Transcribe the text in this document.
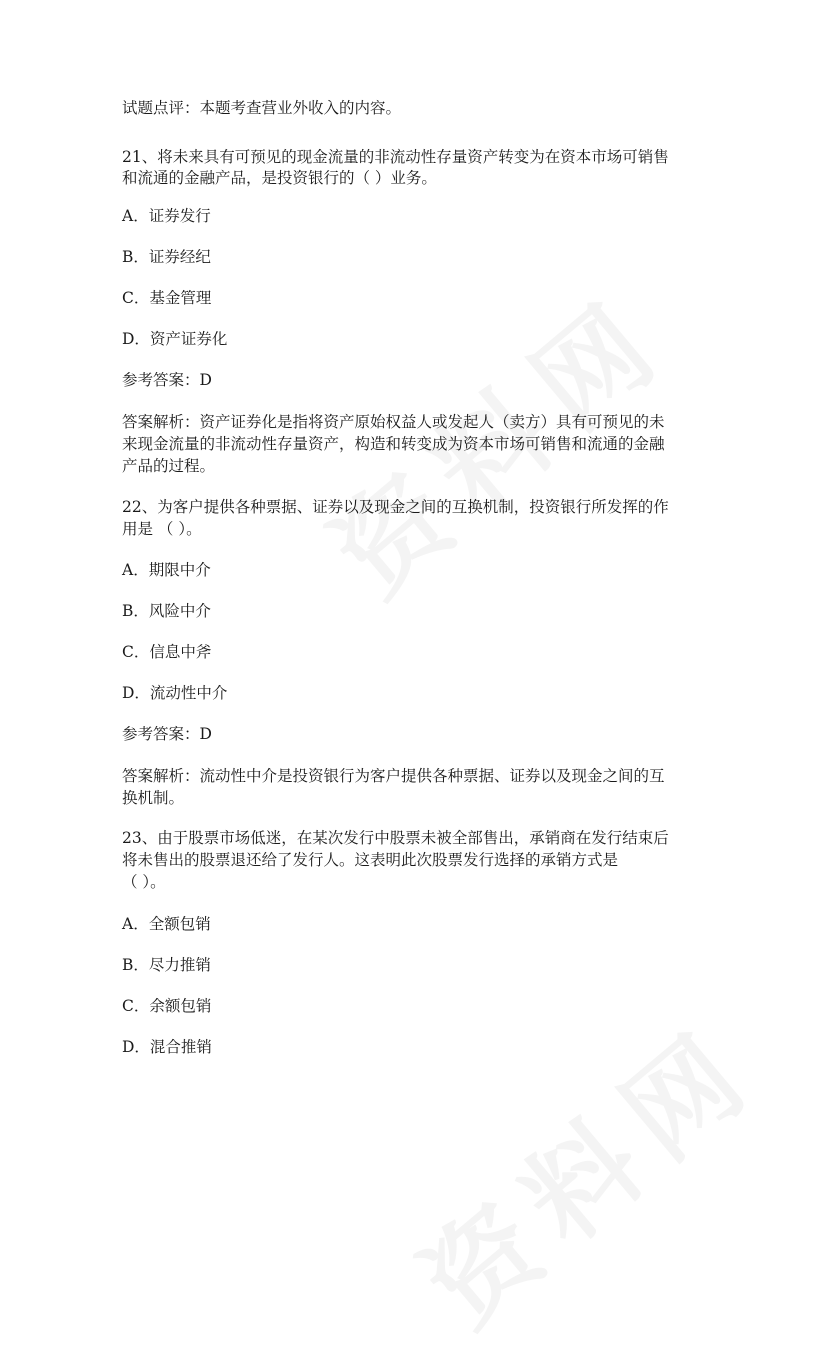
试题点评：本题考查营业外收入的内容。
21、将未来具有可预见的现金流量的非流动性存量资产转变为在资本市场可销售
和流通的金融产品，是投资银行的（ ）业务。
A．证券发行
B．证券经纪
C．基金管理
D．资产证券化
参考答案：D
答案解析：资产证券化是指将资产原始权益人或发起人（卖方）具有可预见的未
来现金流量的非流动性存量资产，构造和转变成为资本市场可销售和流通的金融
产品的过程。
22、为客户提供各种票据、证券以及现金之间的互换机制，投资银行所发挥的作
用是 （ ）。
A．期限中介
B．风险中介
C．信息中斧
D．流动性中介
参考答案：D
答案解析：流动性中介是投资银行为客户提供各种票据、证券以及现金之间的互
换机制。
23、由于股票市场低迷，在某次发行中股票未被全部售出，承销商在发行结束后
将未售出的股票退还给了发行人。这表明此次股票发行选择的承销方式是
（ ）。
A．全额包销
B．尽力推销
C．余额包销
D．混合推销
